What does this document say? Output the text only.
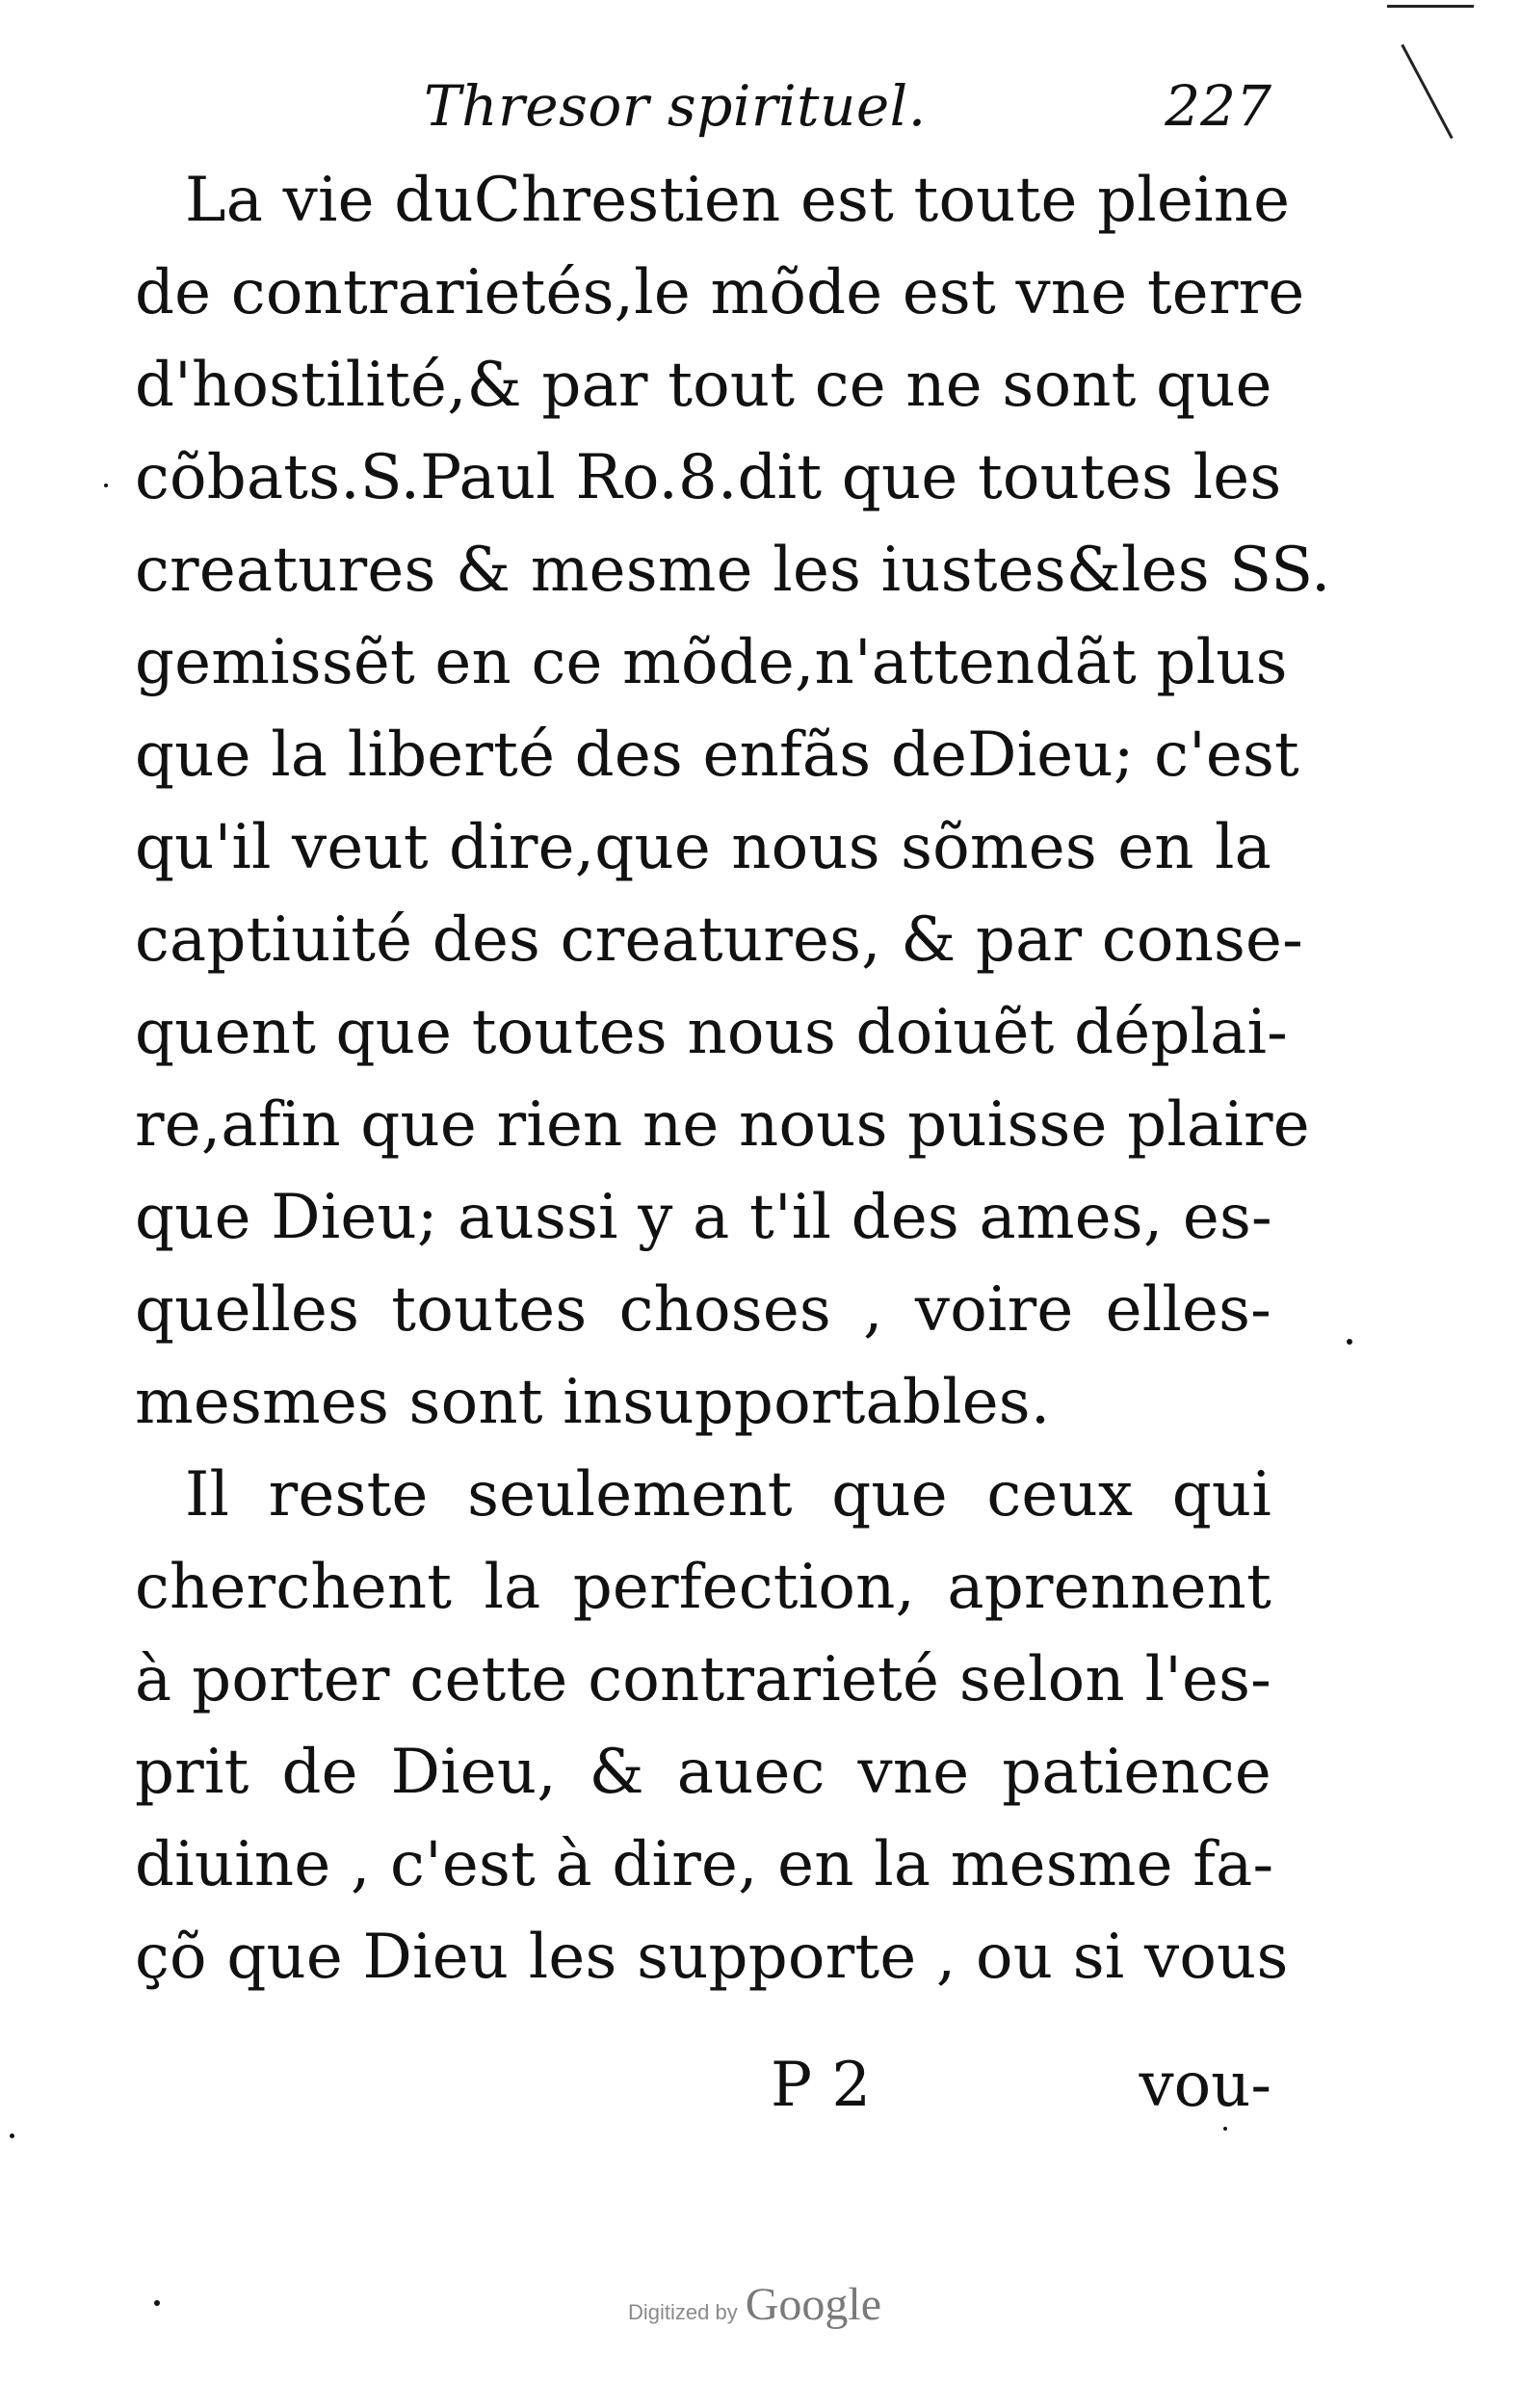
Thresor spirituel.	227
La vie duChrestien est toute pleine
de contrarietés,le mõde est vne terre
d'hostilité,& par tout ce ne sont que
cõbats.S.Paul Ro.8.dit que toutes les
creatures & mesme les iustes&les SS.
gemissẽt en ce mõde,n'attendãt plus
que la liberté des enfãs deDieu; c'est
qu'il veut dire,que nous sõmes en la
captiuité des creatures, & par conse-
quent que toutes nous doiuẽt déplai-
re,afin que rien ne nous puisse plaire
que Dieu; aussi y a t'il des ames, es-
quelles toutes choses , voire elles-
mesmes sont insupportables.
Il reste seulement que ceux qui
cherchent la perfection, aprennent
à porter cette contrarieté selon l'es-
prit de Dieu, & auec vne patience
diuine , c'est à dire, en la mesme fa-
çõ que Dieu les supporte , ou si vous
P 2	vou-
Digitized by Google
